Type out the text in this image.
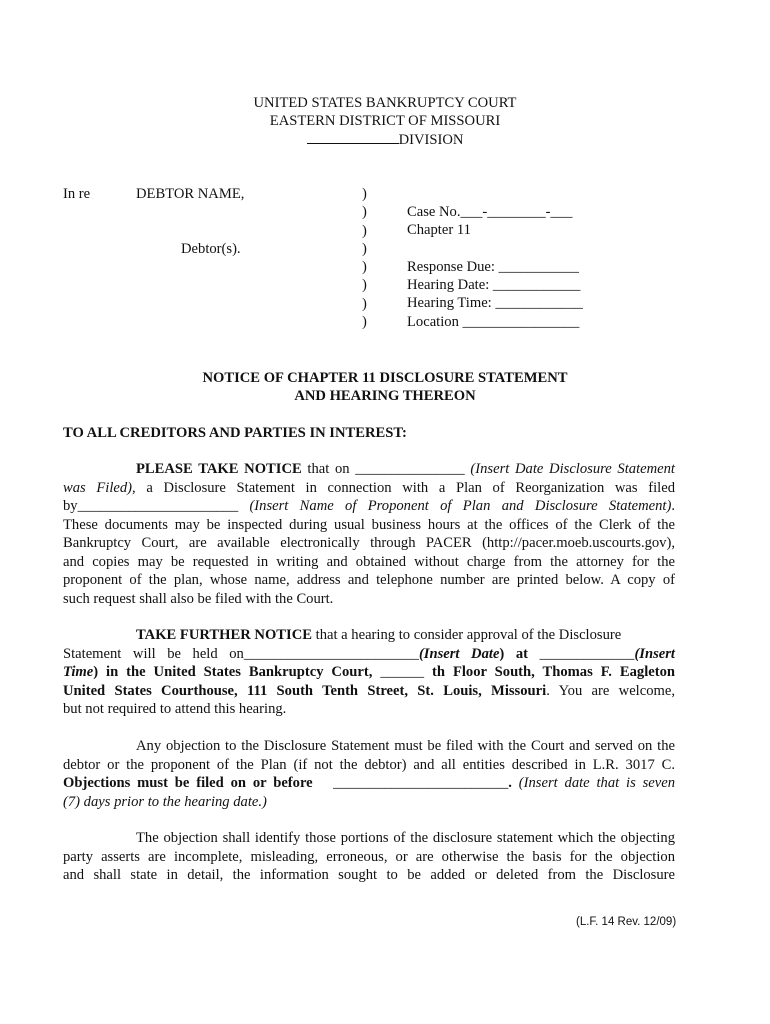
UNITED STATES BANKRUPTCY COURT
EASTERN DISTRICT OF MISSOURI
DIVISION
In re	DEBTOR NAME,
Debtor(s).
)
)
)
)
)
)
)
)
Case No.___-________-___
Chapter 11
Response Due: ___________
Hearing Date: ____________
Hearing Time: ____________
Location ________________
NOTICE OF CHAPTER 11 DISCLOSURE STATEMENT
AND HEARING THEREON
TO ALL CREDITORS AND PARTIES IN INTEREST:
PLEASE TAKE NOTICE that on _______________ (Insert Date Disclosure Statement
was Filed), a Disclosure Statement in connection with a Plan of Reorganization was filed
by______________________ (Insert Name of Proponent of Plan and Disclosure Statement).
These documents may be inspected during usual business hours at the offices of the Clerk of the
Bankruptcy Court, are available electronically through PACER (http://pacer.moeb.uscourts.gov),
and copies may be requested in writing and obtained without charge from the attorney for the
proponent of the plan, whose name, address and telephone number are printed below. A copy of
such request shall also be filed with the Court.
TAKE FURTHER NOTICE that a hearing to consider approval of the Disclosure
Statement will be held on________________________(Insert Date) at _____________(Insert
Time) in the United States Bankruptcy Court, ______ th Floor South, Thomas F. Eagleton
United States Courthouse, 111 South Tenth Street, St. Louis, Missouri. You are welcome,
but not required to attend this hearing.
Any objection to the Disclosure Statement must be filed with the Court and served on the
debtor or the proponent of the Plan (if not the debtor) and all entities described in L.R. 3017 C.
Objections must be filed on or before ________________________. (Insert date that is seven
(7) days prior to the hearing date.)
The objection shall identify those portions of the disclosure statement which the objecting
party asserts are incomplete, misleading, erroneous, or are otherwise the basis for the objection
and shall state in detail, the information sought to be added or deleted from the Disclosure
(L.F. 14 Rev. 12/09)
